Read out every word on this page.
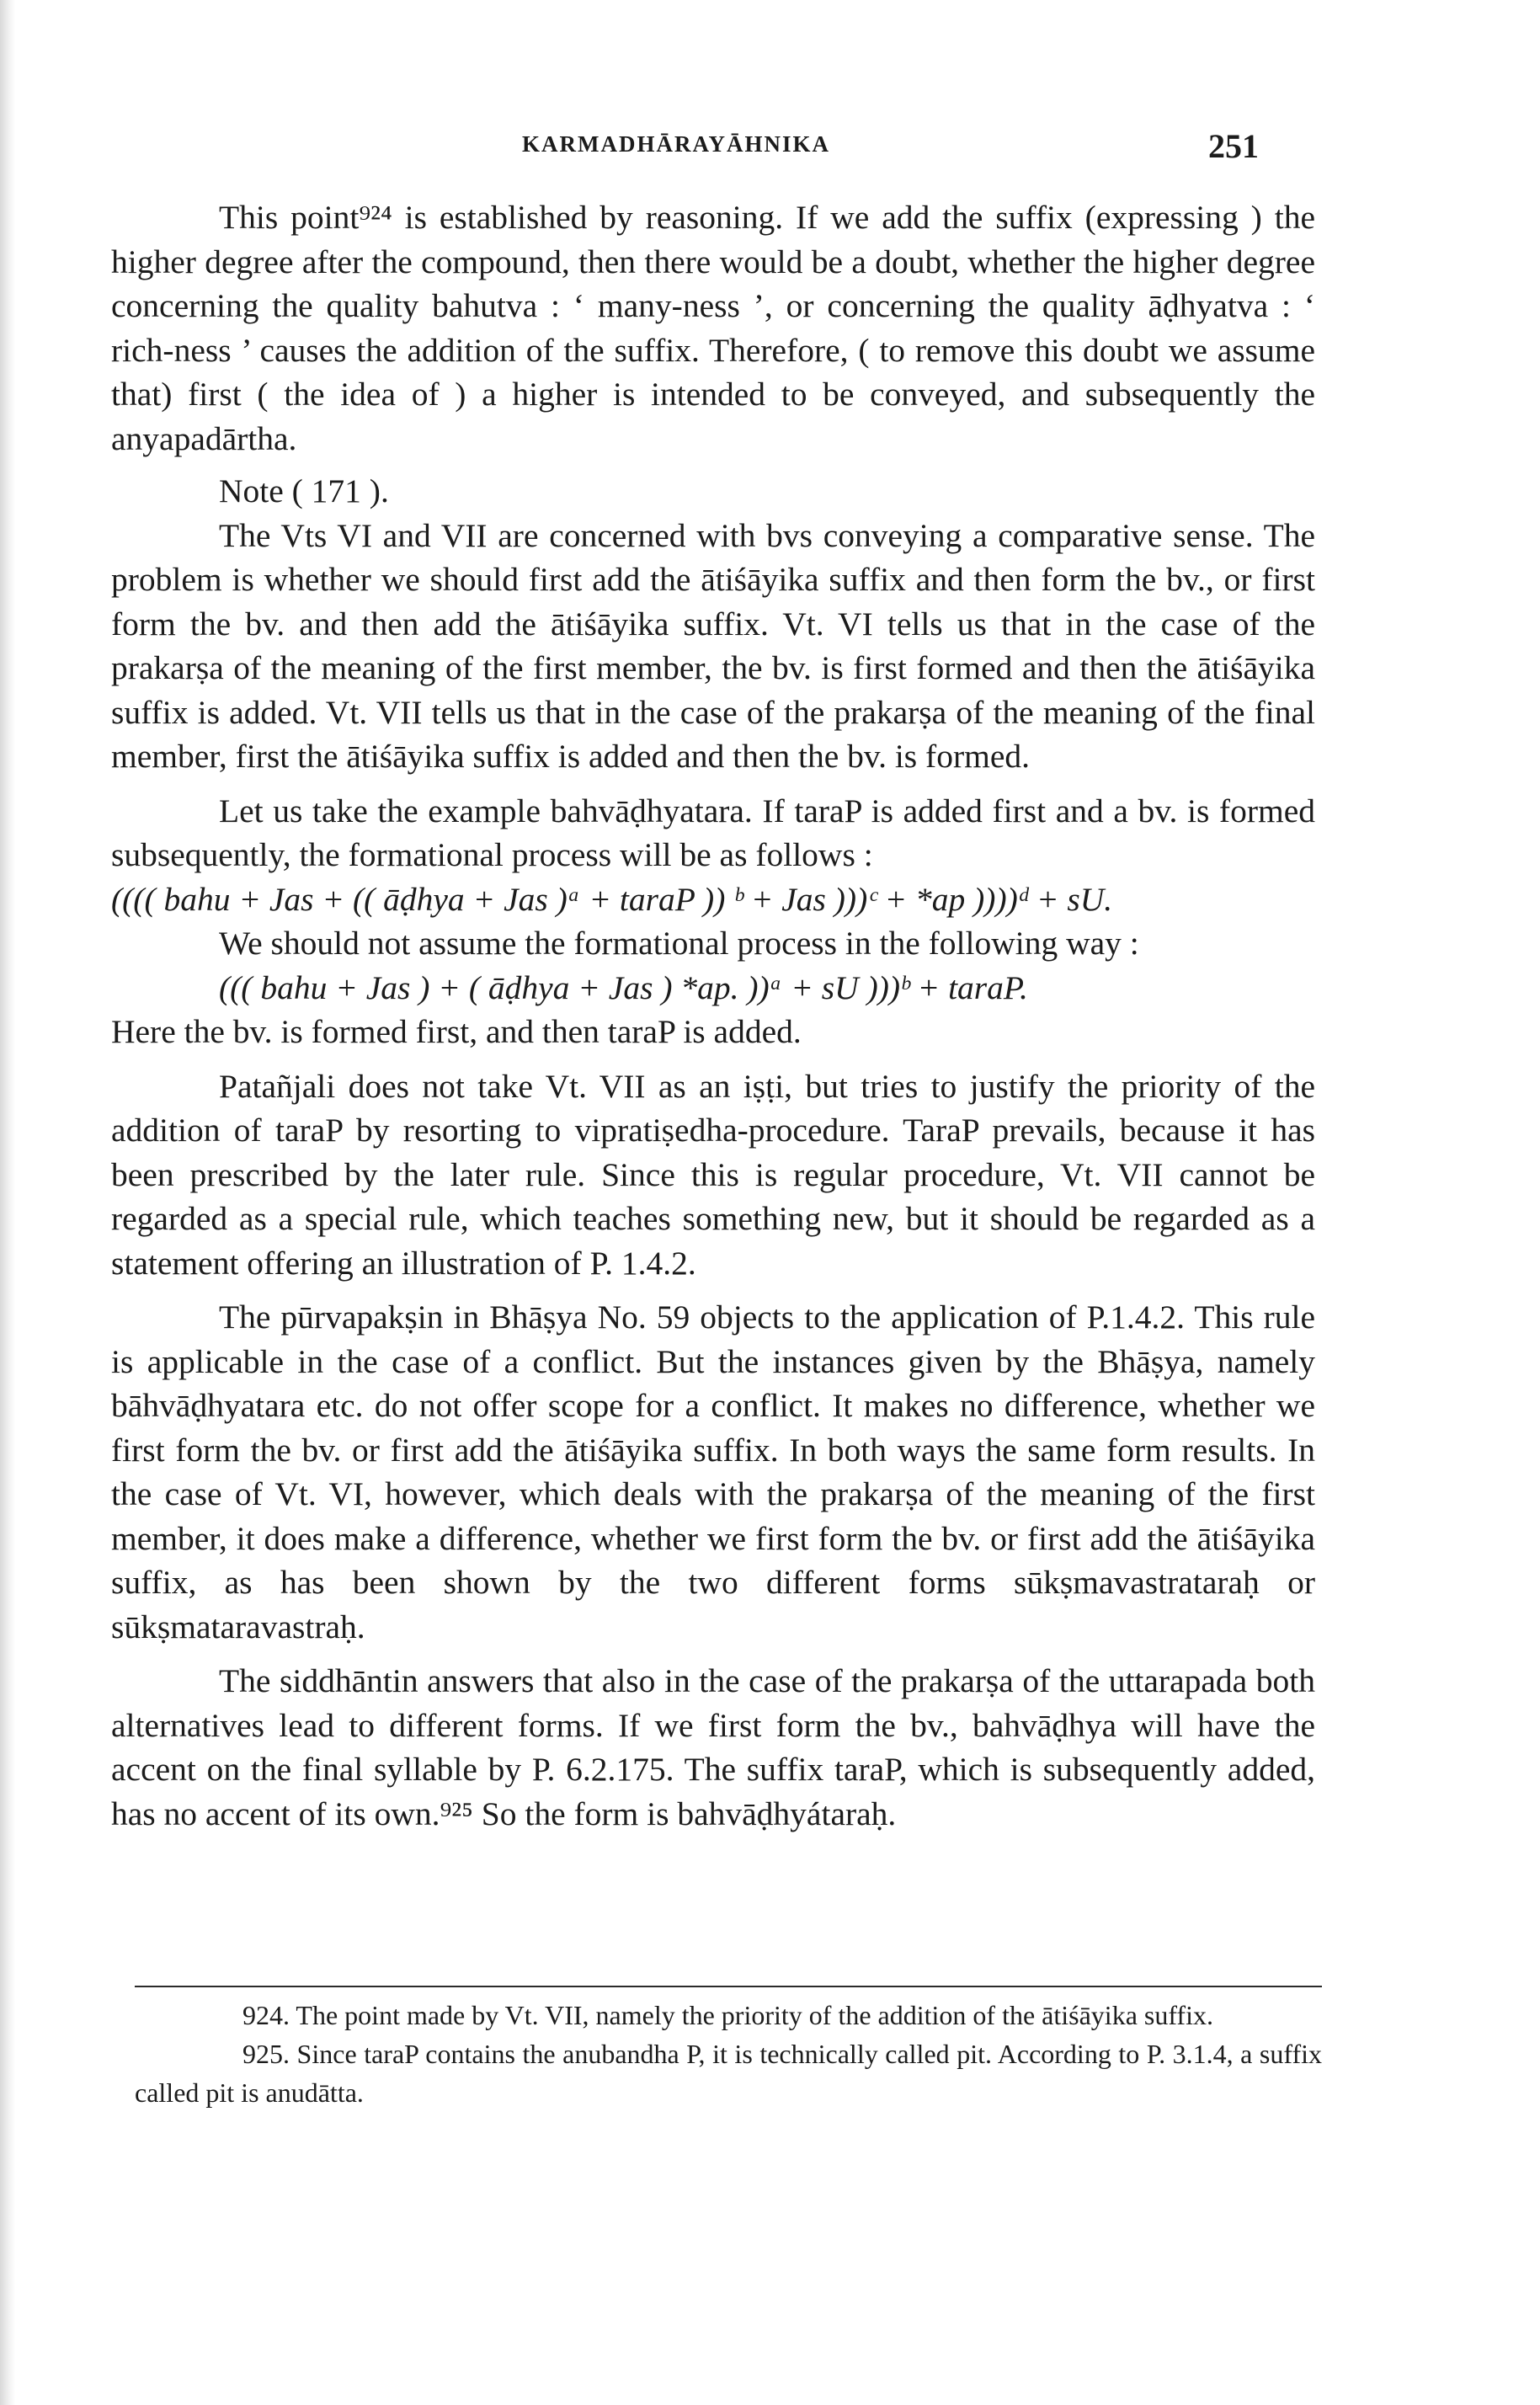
KARMADHĀRAYĀHNIKA	251

This point⁹²⁴ is established by reasoning. If we add the suffix (expressing ) the higher degree after the compound, then there would be a doubt, whether the higher degree concerning the quality bahutva : ‘ many-ness ’, or concerning the quality āḍhyatva : ‘ rich-ness ’ causes the addition of the suffix. Therefore, ( to remove this doubt we assume that) first ( the idea of ) a higher is intended to be conveyed, and subsequently the anyapadārtha.

Note ( 171 ).

The Vts VI and VII are concerned with bvs conveying a comparative sense. The problem is whether we should first add the ātiśāyika suffix and then form the bv., or first form the bv. and then add the ātiśāyika suffix. Vt. VI tells us that in the case of the prakarṣa of the meaning of the first member, the bv. is first formed and then the ātiśāyika suffix is added. Vt. VII tells us that in the case of the prakarṣa of the meaning of the final member, first the ātiśāyika suffix is added and then the bv. is formed.

Let us take the example bahvāḍhyatara. If taraP is added first and a bv. is formed subsequently, the formational process will be as follows :

(((( bahu + Jas + (( āḍhya + Jas )ᵃ + taraP )) ᵇ + Jas )))ᶜ + *ap ))))ᵈ + sU.

We should not assume the formational process in the following way :

((( bahu + Jas ) + ( āḍhya + Jas ) *ap. ))ᵃ + sU )))ᵇ + taraP.

Here the bv. is formed first, and then taraP is added.

Patañjali does not take Vt. VII as an iṣṭi, but tries to justify the priority of the addition of taraP by resorting to vipratiṣedha-procedure. TaraP prevails, because it has been prescribed by the later rule. Since this is regular procedure, Vt. VII cannot be regarded as a special rule, which teaches something new, but it should be regarded as a statement offering an illustration of P. 1.4.2.

The pūrvapakṣin in Bhāṣya No. 59 objects to the application of P.1.4.2. This rule is applicable in the case of a conflict. But the instances given by the Bhāṣya, namely bāhvāḍhyatara etc. do not offer scope for a conflict. It makes no difference, whether we first form the bv. or first add the ātiśāyika suffix. In both ways the same form results. In the case of Vt. VI, however, which deals with the prakarṣa of the meaning of the first member, it does make a difference, whether we first form the bv. or first add the ātiśāyika suffix, as has been shown by the two different forms sūkṣmavastrataraḥ or sūkṣmataravastraḥ.

The siddhāntin answers that also in the case of the prakarṣa of the uttarapada both alternatives lead to different forms. If we first form the bv., bahvāḍhya will have the accent on the final syllable by P. 6.2.175. The suffix taraP, which is subsequently added, has no accent of its own.⁹²⁵ So the form is bahvāḍhyátaraḥ.

924. The point made by Vt. VII, namely the priority of the addition of the ātiśāyika suffix.

925. Since taraP contains the anubandha P, it is technically called pit. According to P. 3.1.4, a suffix called pit is anudātta.
